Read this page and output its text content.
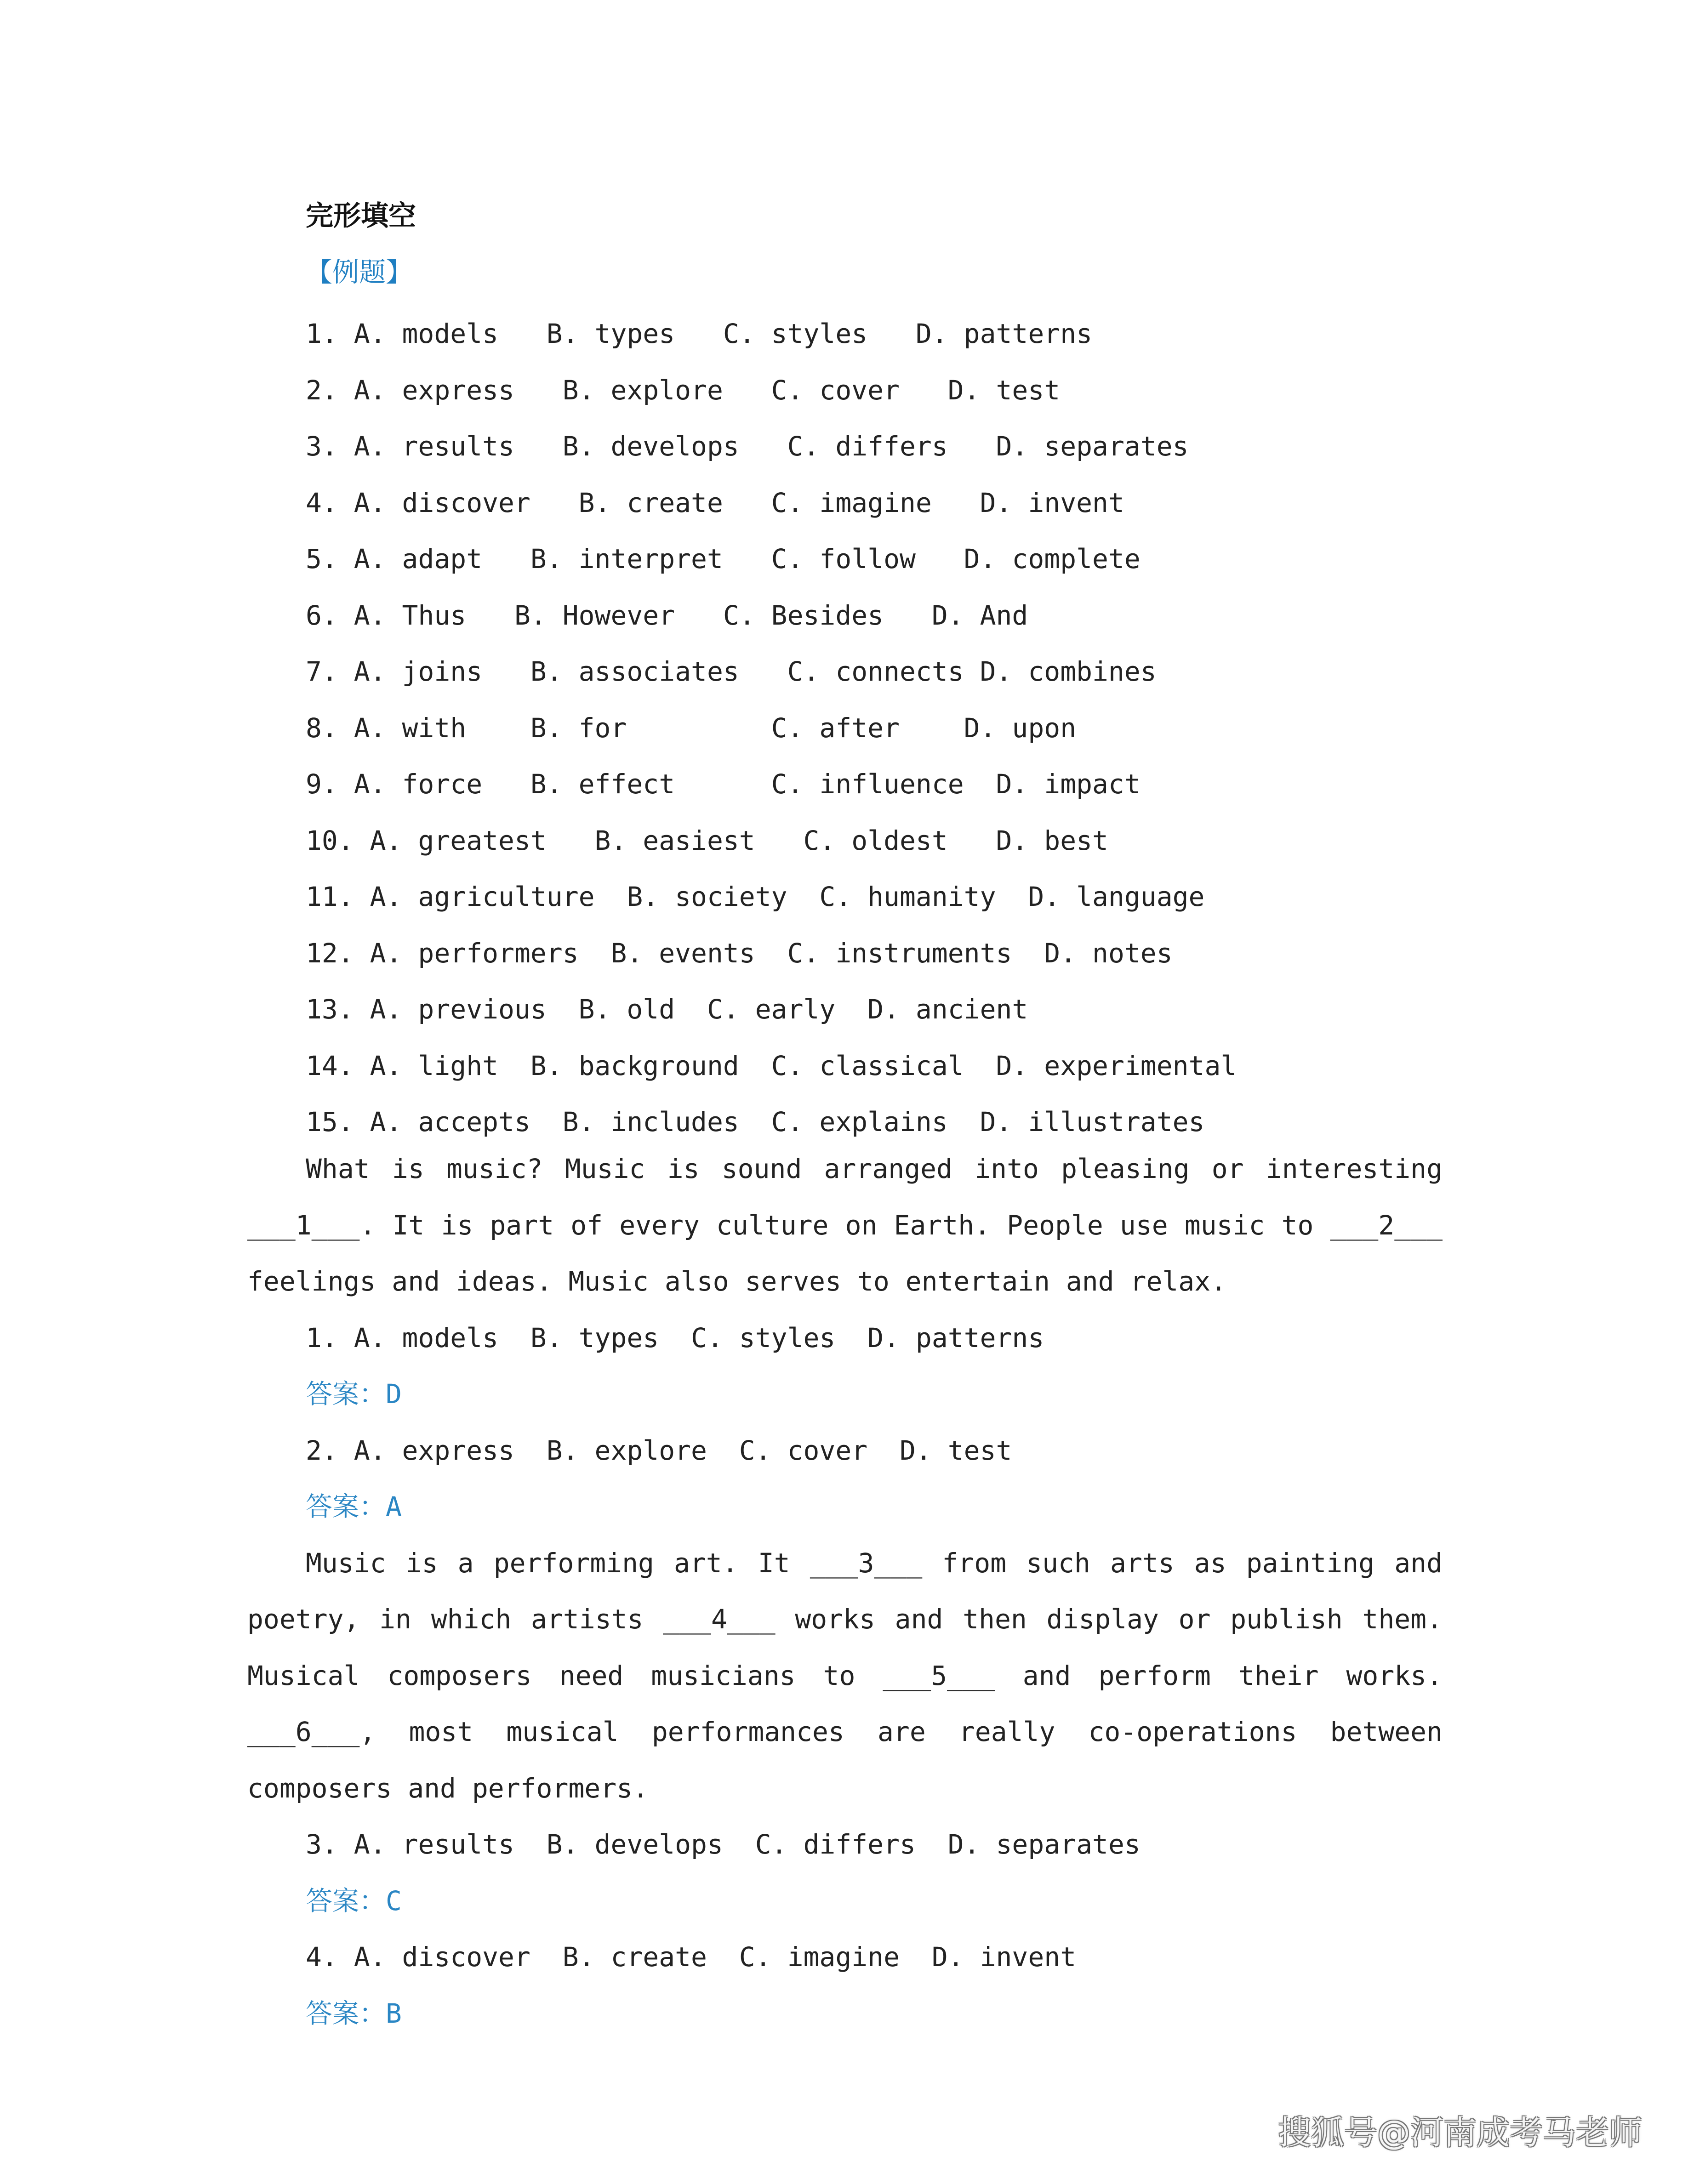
完形填空
【例题】
1. A. models   B. types   C. styles   D. patterns
2. A. express   B. explore   C. cover   D. test
3. A. results   B. develops   C. differs   D. separates
4. A. discover   B. create   C. imagine   D. invent
5. A. adapt   B. interpret   C. follow   D. complete
6. A. Thus   B. However   C. Besides   D. And
7. A. joins   B. associates   C. connects D. combines
8. A. with    B. for         C. after    D. upon
9. A. force   B. effect      C. influence  D. impact
10. A. greatest   B. easiest   C. oldest   D. best
11. A. agriculture  B. society  C. humanity  D. language
12. A. performers  B. events  C. instruments  D. notes
13. A. previous  B. old  C. early  D. ancient
14. A. light  B. background  C. classical  D. experimental
15. A. accepts  B. includes  C. explains  D. illustrates

What is music? Music is sound arranged into pleasing or interesting ___1___. It is part of every culture on Earth. People use music to ___2___ feelings and ideas. Music also serves to entertain and relax.

1. A. models  B. types  C. styles  D. patterns

答案：D

2. A. express  B. explore  C. cover  D. test

答案：A

Music is a performing art. It ___3___ from such arts as painting and poetry, in which artists ___4___ works and then display or publish them. Musical composers need musicians to ___5___ and perform their works. ___6___, most musical performances are really co-operations between composers and performers.

3. A. results  B. develops  C. differs  D. separates

答案：C

4. A. discover  B. create  C. imagine  D. invent

答案：B

搜狐号@河南成考马老师
